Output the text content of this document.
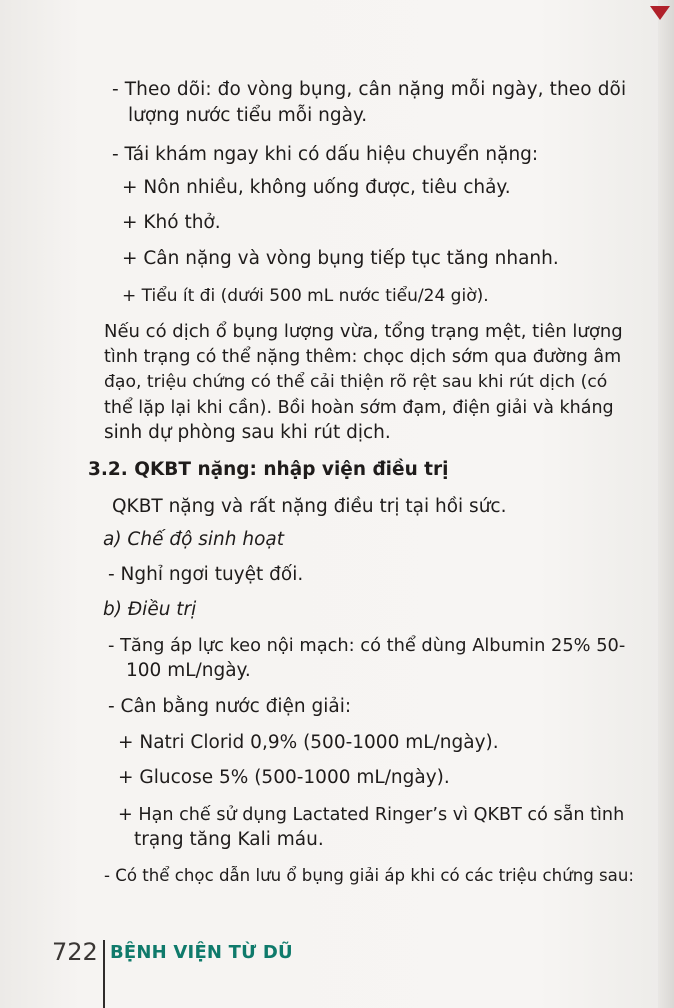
- Theo dõi: đo vòng bụng, cân nặng mỗi ngày, theo dõi
lượng nước tiểu mỗi ngày.
- Tái khám ngay khi có dấu hiệu chuyển nặng:
+ Nôn nhiều, không uống được, tiêu chảy.
+ Khó thở.
+ Cân nặng và vòng bụng tiếp tục tăng nhanh.
+ Tiểu ít đi (dưới 500 mL nước tiểu/24 giờ).
Nếu có dịch ổ bụng lượng vừa, tổng trạng mệt, tiên lượng
tình trạng có thể nặng thêm: chọc dịch sớm qua đường âm
đạo, triệu chứng có thể cải thiện rõ rệt sau khi rút dịch (có
thể lặp lại khi cần). Bồi hoàn sớm đạm, điện giải và kháng
sinh dự phòng sau khi rút dịch.
3.2. QKBT nặng: nhập viện điều trị
QKBT nặng và rất nặng điều trị tại hồi sức.
a) Chế độ sinh hoạt
- Nghỉ ngơi tuyệt đối.
b) Điều trị
- Tăng áp lực keo nội mạch: có thể dùng Albumin 25% 50-
100 mL/ngày.
- Cân bằng nước điện giải:
+ Natri Clorid 0,9% (500-1000 mL/ngày).
+ Glucose 5% (500-1000 mL/ngày).
+ Hạn chế sử dụng Lactated Ringer’s vì QKBT có sẵn tình
trạng tăng Kali máu.
- Có thể chọc dẫn lưu ổ bụng giải áp khi có các triệu chứng sau:
722 BỆNH VIỆN TỪ DŨ
